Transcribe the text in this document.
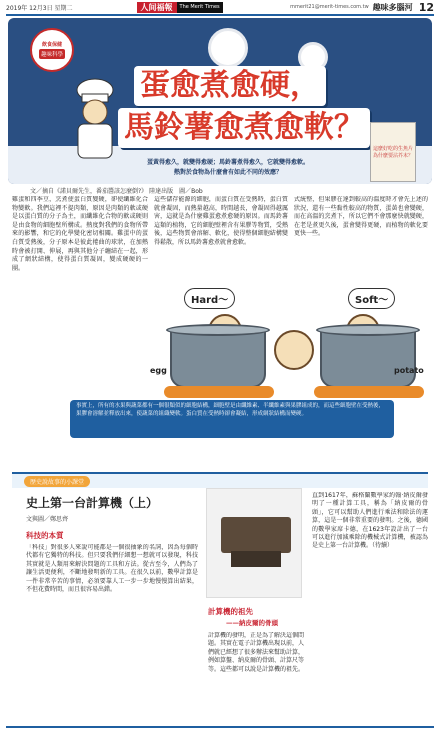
2019年 12月3日 星期二	人间福報	The Merit Times	mmerit21@merit-times.com.tw 趣味多腦河 12
飲食保健
趣味科學
蛋愈煮愈硬，
馬鈴薯愈煮愈軟？
這麼好吃的生魚片為什麼要沾芥末？
蛋黃得愈久，就變得愈硬；馬鈴薯煮得愈久，它就變得愈軟。
熱對於食物為什麼會有如此不同的效應？
文／摘自《諾貝爾先生，番茄醬該怎麼倒?》 陸達出版　圖／Bob
雞蛋和四季豆，烹煮使蛋白質變硬，卻使纖維化合物變軟。我們這裡不提肉類，原因是肉類的軟或硬是以蛋白質的分子為主，而纖維化合物的軟或硬則是由食物的細胞壁所構成。熱度對我們的食物所帶來的影響，和它的化學變化密切相關。雞蛋中的蛋白質受熱後，分子原本是彼此捲曲的球狀，在加熱時會被打開、伸展，再與其他分子纏結在一起，形成了網狀結構，使得蛋白質凝固，變成硬硬的一團。
這些儲存能源的細胞，而蛋白質在受熱時，蛋白質就會凝固，而熱量越高，時間越長，會凝固得越厲害，這就是為什麼雞蛋愈煮愈硬的原因。而馬鈴薯這類的植物，它的細胞壁裡含有果膠等物質，受熱後，這些物質會溶解、軟化，使得整個細胞結構變得鬆散，所以馬鈴薯愈煮就會愈軟。
式統整，但果膠在達到較高的溫度時才會先上述的狀況，還有一些黏性較高的物質，蛋黃也會變硬，而在高溫的烹煮下，所以它們不會那麼快就變硬，在老是煮更久後，蛋會變得更硬，而植物的軟化要更快一些。
Hard～	Soft～
egg	potato
事實上，所有的水果與蔬菜都有一個很類似的細胞結構，細胞壁是由纖維素、半纖維素與果膠組成的，而這些細胞壁在受熱後，果膠會溶解並釋放出來，使蔬菜的組織變軟。蛋白質在受熱時卻會凝結，形成網狀結構而變硬。
歷史說故事的小課堂
史上第一台計算機（上）
文與圖／鄭思齊
科技的本質
「科技」對很多人來說可能都是一個很抽象的名詞，因為每個時代都有它獨特的科技。但只要我們仔細想一想就可以發現，科技其實就是人類用來解決問題的工具和方法。從古至今，人們為了讓生活更便利，不斷地發明新的工具。在很久以前，數學計算是一件非常辛苦的事情，必須要靠人工一步一步地慢慢算出結果，不但花費時間，而且很容易出錯。
計算機的祖先
——納皮爾的骨頭
計算機的發明，正是為了解決這個問題。其實在電子計算機出現以前，人們就已經想了很多辦法來幫助計算，例如算盤、納皮爾的骨頭、計算尺等等。這些都可以說是計算機的祖先。
直到1617年，蘇格蘭數學家約翰·納皮爾發明了一種計算工具，稱為「納皮爾的骨頭」，它可以幫助人們進行乘法和除法的運算，這是一個非常重要的發明。之後，德國的數學家席卡德，在1623年設計出了一台可以進行加減乘除的機械式計算機，被認為是史上第一台計算機。（待續）
